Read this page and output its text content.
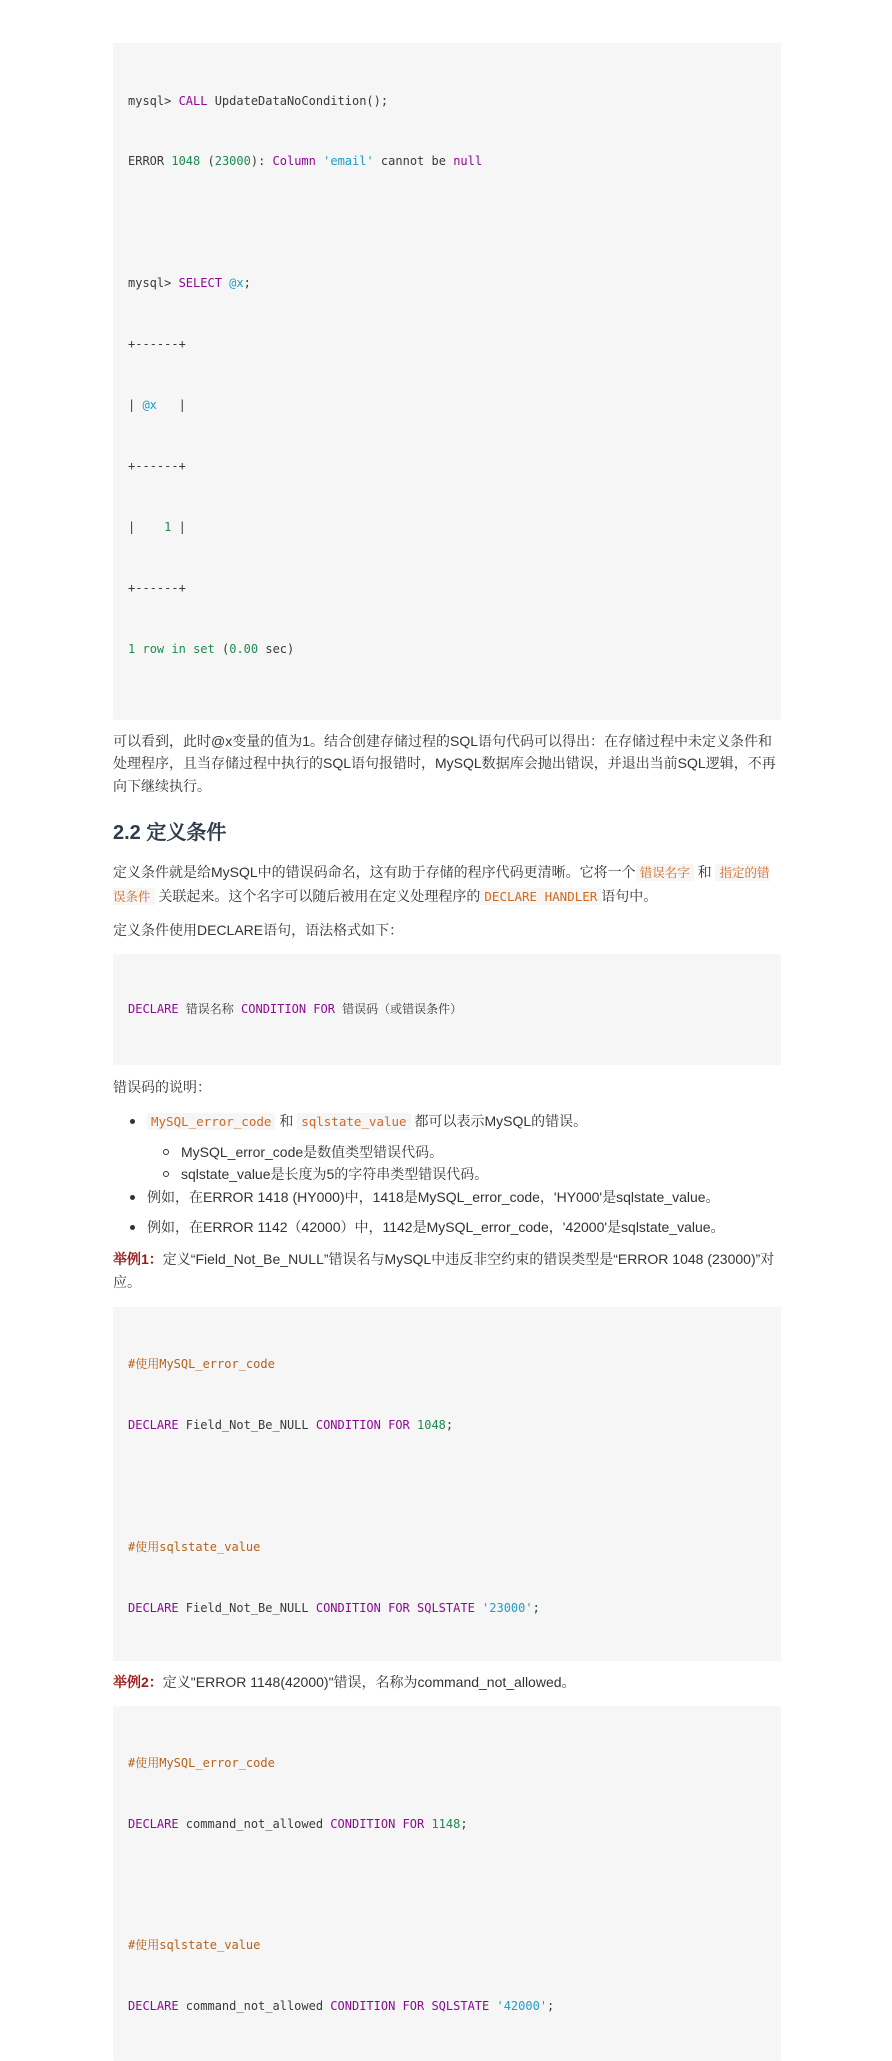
mysql> CALL UpdateDataNoCondition();

ERROR 1048 (23000): Column 'email' cannot be null

mysql> SELECT @x;

+------+

| @x   |

+------+

|    1 |

+------+

1 row in set (0.00 sec)

可以看到，此时@x变量的值为1。结合创建存储过程的SQL语句代码可以得出：在存储过程中未定义条件和处理程序，且当存储过程中执行的SQL语句报错时，MySQL数据库会抛出错误，并退出当前SQL逻辑，不再向下继续执行。

2.2 定义条件

定义条件就是给MySQL中的错误码命名，这有助于存储的程序代码更清晰。它将一个 错误名字 和 指定的错误条件 关联起来。这个名字可以随后被用在定义处理程序的 DECLARE HANDLER 语句中。

定义条件使用DECLARE语句，语法格式如下：

DECLARE 错误名称 CONDITION FOR 错误码（或错误条件）

错误码的说明：

MySQL_error_code 和 sqlstate_value 都可以表示MySQL的错误。
MySQL_error_code是数值类型错误代码。
sqlstate_value是长度为5的字符串类型错误代码。
例如，在ERROR 1418 (HY000)中，1418是MySQL_error_code，'HY000'是sqlstate_value。
例如，在ERROR 1142（42000）中，1142是MySQL_error_code，'42000'是sqlstate_value。

举例1：定义“Field_Not_Be_NULL”错误名与MySQL中违反非空约束的错误类型是“ERROR 1048 (23000)”对应。

#使用MySQL_error_code

DECLARE Field_Not_Be_NULL CONDITION FOR 1048;

#使用sqlstate_value

DECLARE Field_Not_Be_NULL CONDITION FOR SQLSTATE '23000';

举例2：定义"ERROR 1148(42000)"错误，名称为command_not_allowed。

#使用MySQL_error_code

DECLARE command_not_allowed CONDITION FOR 1148;

#使用sqlstate_value

DECLARE command_not_allowed CONDITION FOR SQLSTATE '42000';
